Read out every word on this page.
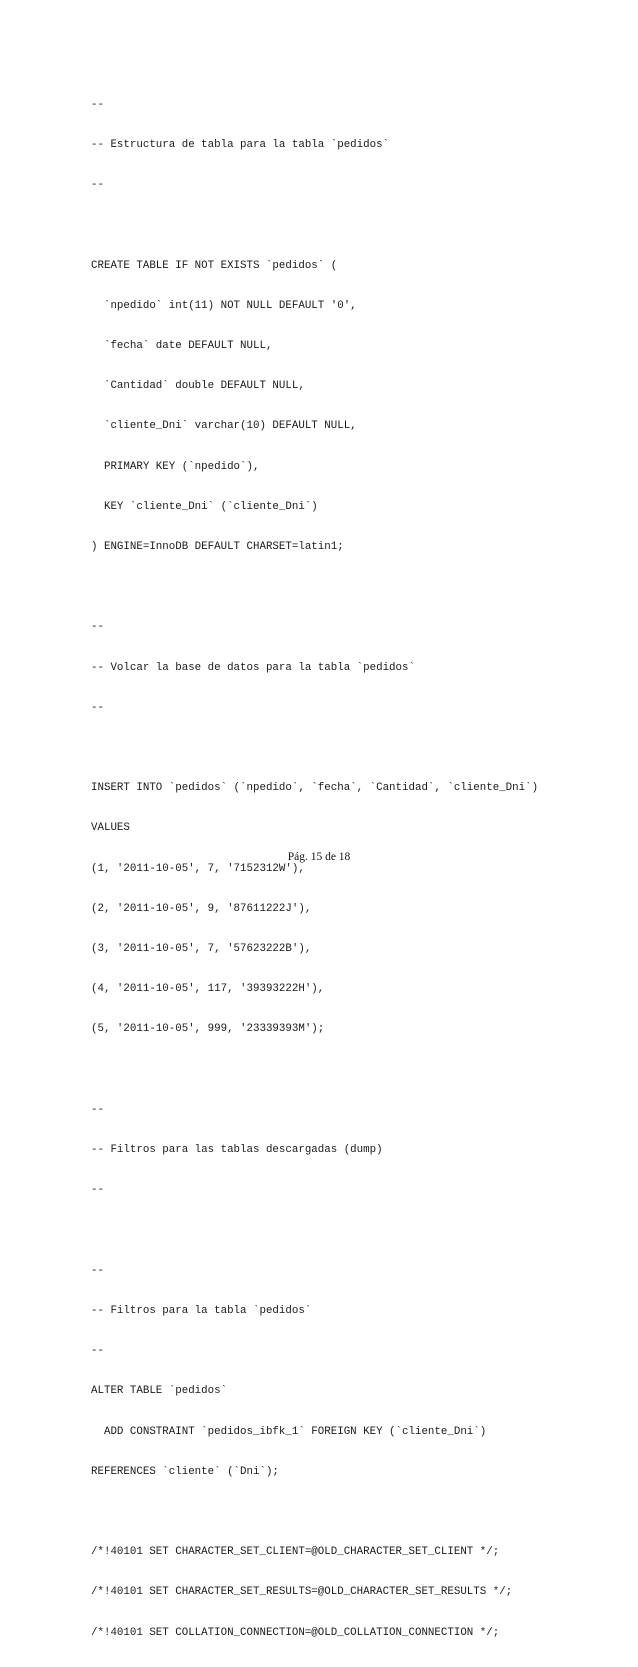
--

-- Estructura de tabla para la tabla `pedidos`

--

CREATE TABLE IF NOT EXISTS `pedidos` (

`npedido` int(11) NOT NULL DEFAULT '0',

`fecha` date DEFAULT NULL,

`Cantidad` double DEFAULT NULL,

`cliente_Dni` varchar(10) DEFAULT NULL,

PRIMARY KEY (`npedido`),

KEY `cliente_Dni` (`cliente_Dni`)

) ENGINE=InnoDB DEFAULT CHARSET=latin1;

--

-- Volcar la base de datos para la tabla `pedidos`

--

INSERT INTO `pedidos` (`npedido`, `fecha`, `Cantidad`, `cliente_Dni`)

VALUES

(1, '2011-10-05', 7, '7152312W'),

(2, '2011-10-05', 9, '87611222J'),

(3, '2011-10-05', 7, '57623222B'),

(4, '2011-10-05', 117, '39393222H'),

(5, '2011-10-05', 999, '23339393M');

--

-- Filtros para las tablas descargadas (dump)

--

--

-- Filtros para la tabla `pedidos`

--

ALTER TABLE `pedidos`

ADD CONSTRAINT `pedidos_ibfk_1` FOREIGN KEY (`cliente_Dni`)

REFERENCES `cliente` (`Dni`);

/*!40101 SET CHARACTER_SET_CLIENT=@OLD_CHARACTER_SET_CLIENT */;

/*!40101 SET CHARACTER_SET_RESULTS=@OLD_CHARACTER_SET_RESULTS */;

/*!40101 SET COLLATION_CONNECTION=@OLD_COLLATION_CONNECTION */;

Pág. 15 de 18
